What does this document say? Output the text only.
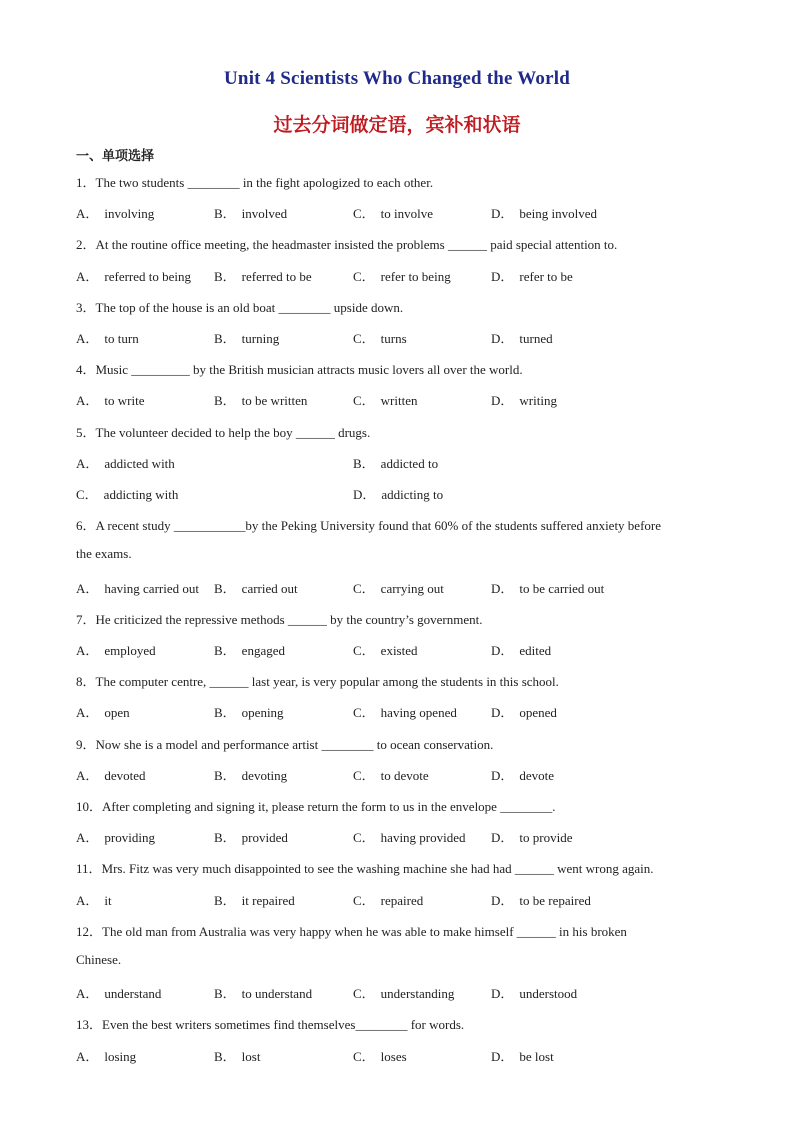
Unit 4 Scientists Who Changed the World
过去分词做定语，宾补和状语
一、单项选择
1．The two students ________ in the fight apologized to each other.
A． involving	B． involved	C． to involve	D． being involved
2．At the routine office meeting, the headmaster insisted the problems ______ paid special attention to.
A． referred to being B． referred to be	C． refer to being	D． refer to be
3．The top of the house is an old boat ________ upside down.
A． to turn	B． turning	C． turns	D． turned
4．Music _________ by the British musician attracts music lovers all over the world.
A． to write	B． to be written	C． written	D． writing
5．The volunteer decided to help the boy ______ drugs.
A． addicted with	B． addicted to
C． addicting with	D． addicting to
6．A recent study ___________by the Peking University found that 60% of the students suffered anxiety before
the exams.
A． having carried out B． carried out	C． carrying out	D． to be carried out
7．He criticized the repressive methods ______ by the country’s government.
A． employed	B． engaged	C． existed	D． edited
8．The computer centre, ______ last year, is very popular among the students in this school.
A． open	B． opening	C． having opened	D． opened
9．Now she is a model and performance artist ________ to ocean conservation.
A． devoted	B． devoting	C． to devote	D． devote
10．After completing and signing it, please return the form to us in the envelope ________.
A． providing	B． provided	C． having provided D． to provide
11．Mrs. Fitz was very much disappointed to see the washing machine she had had ______ went wrong again.
A． it	B． it repaired	C． repaired	D． to be repaired
12．The old man from Australia was very happy when he was able to make himself ______ in his broken
Chinese.
A． understand	B． to understand	C． understanding	D． understood
13．Even the best writers sometimes find themselves________ for words.
A． losing	B． lost	C． loses	D． be lost
